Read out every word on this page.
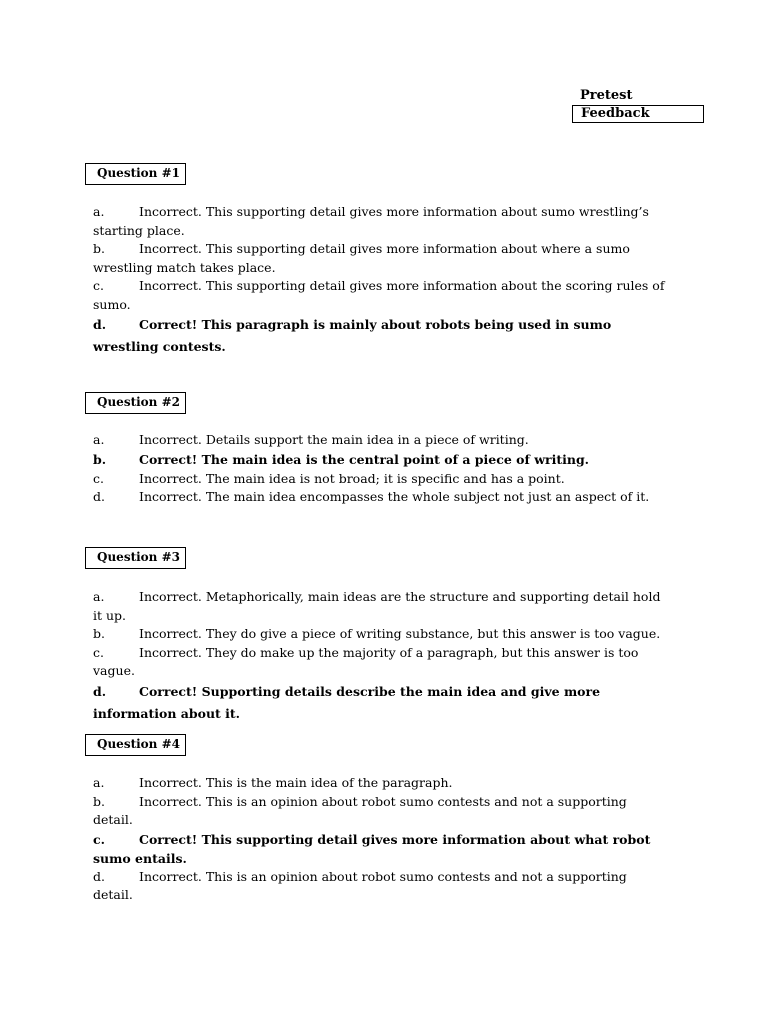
Pretest
Feedback
Question #1

a.	Incorrect. This supporting detail gives more information about sumo wrestling’s starting place.

b.	Incorrect. This supporting detail gives more information about where a sumo wrestling match takes place.

c.	Incorrect. This supporting detail gives more information about the scoring rules of sumo.

d.	Correct! This paragraph is mainly about robots being used in sumo wrestling contests.

Question #2

a.	Incorrect. Details support the main idea in a piece of writing.

b.	Correct! The main idea is the central point of a piece of writing.

c.	Incorrect. The main idea is not broad; it is specific and has a point.

d.	Incorrect. The main idea encompasses the whole subject not just an aspect of it.

Question #3

a.	Incorrect. Metaphorically, main ideas are the structure and supporting detail hold it up.

b.	Incorrect. They do give a piece of writing substance, but this answer is too vague.

c.	Incorrect. They do make up the majority of a paragraph, but this answer is too vague.

d.	Correct! Supporting details describe the main idea and give more information about it.

Question #4

a.	Incorrect. This is the main idea of the paragraph.

b.	Incorrect. This is an opinion about robot sumo contests and not a supporting detail.

c.	Correct! This supporting detail gives more information about what robot sumo entails.

d.	Incorrect. This is an opinion about robot sumo contests and not a supporting detail.
